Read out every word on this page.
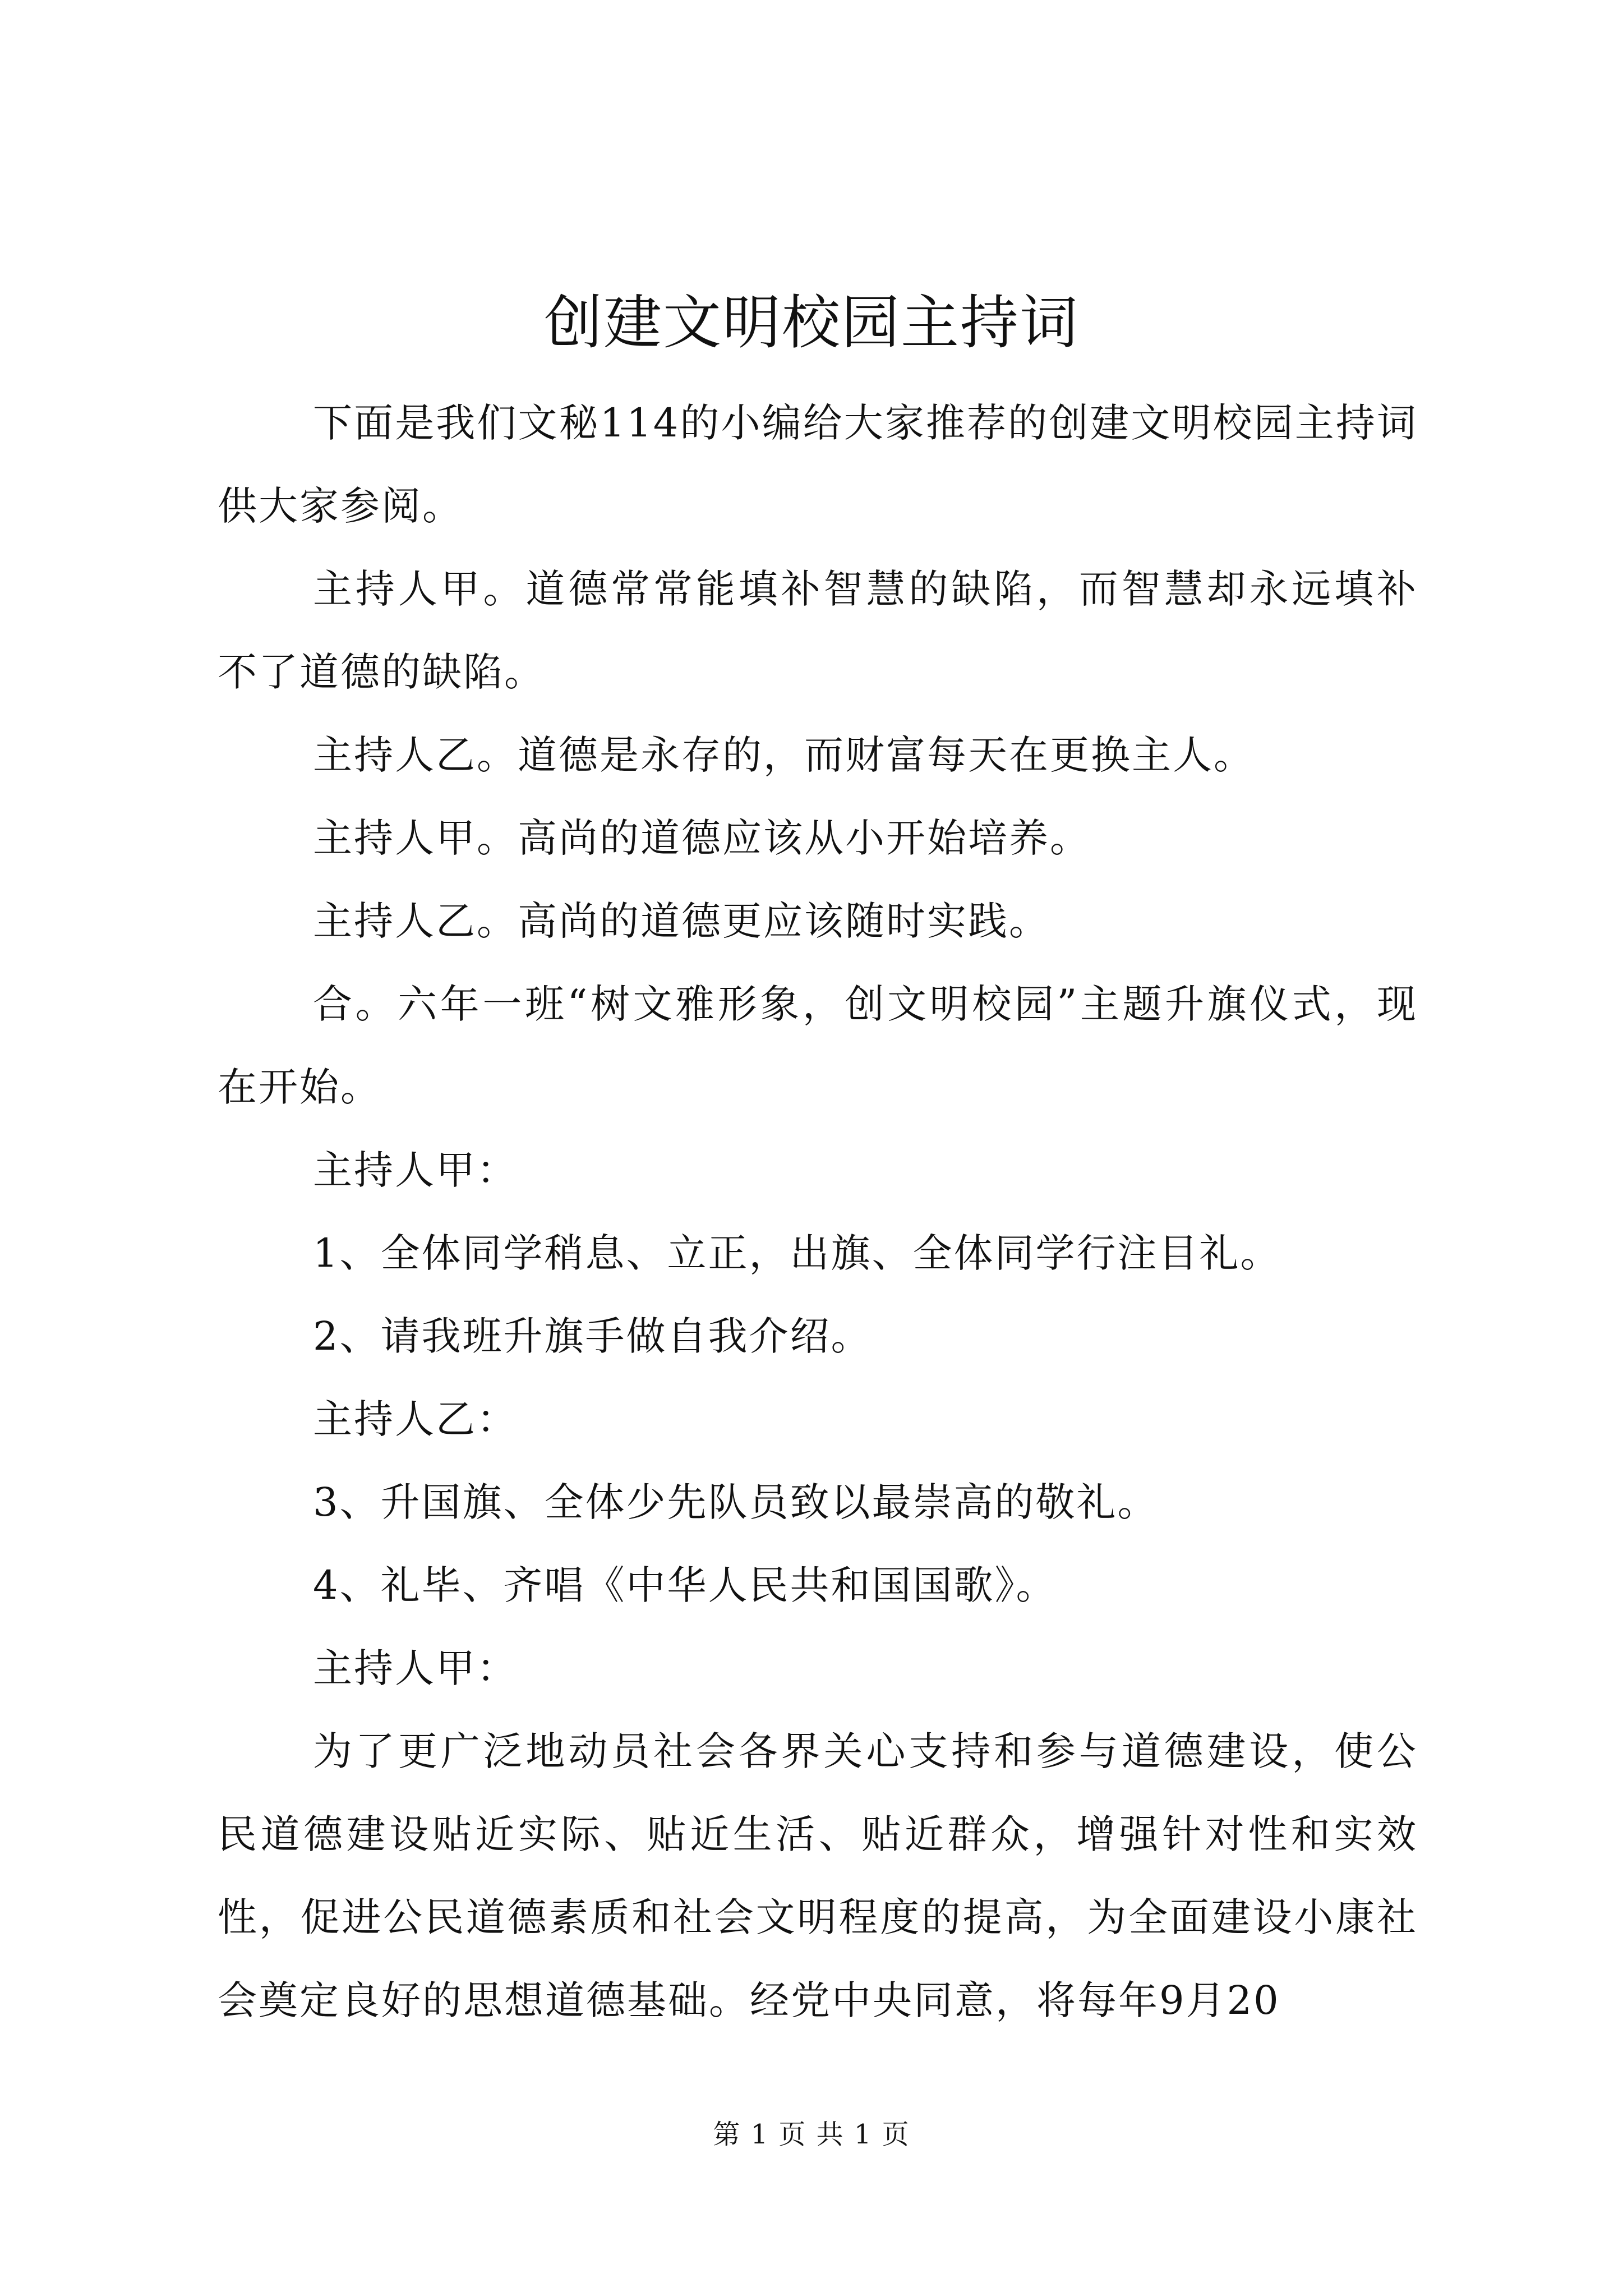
创建文明校园主持词

下面是我们文秘114的小编给大家推荐的创建文明校园主持词供大家参阅。

主持人甲。道德常常能填补智慧的缺陷，而智慧却永远填补不了道德的缺陷。

主持人乙。道德是永存的，而财富每天在更换主人。

主持人甲。高尚的道德应该从小开始培养。

主持人乙。高尚的道德更应该随时实践。

合。六年一班“树文雅形象，创文明校园”主题升旗仪式，现在开始。

主持人甲：

1、全体同学稍息、立正，出旗、全体同学行注目礼。

2、请我班升旗手做自我介绍。

主持人乙：

3、升国旗、全体少先队员致以最崇高的敬礼。

4、礼毕、齐唱《中华人民共和国国歌》。

主持人甲：

为了更广泛地动员社会各界关心支持和参与道德建设，使公民道德建设贴近实际、贴近生活、贴近群众，增强针对性和实效性，促进公民道德素质和社会文明程度的提高，为全面建设小康社会奠定良好的思想道德基础。经党中央同意，将每年9月20

第 1 页 共 1 页
